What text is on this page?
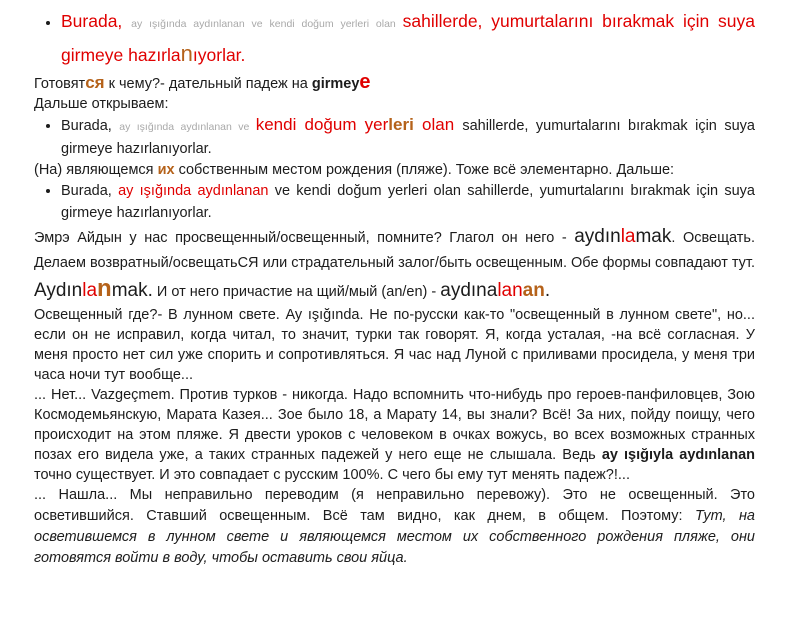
• Burada, ay ışığında aydınlanan ve kendi doğum yerleri olan sahillerde, yumurtalarını bırakmak için suya girmeye hazırlanıyorlar.

Готовятся к чему?- дательный падеж на girmeyе

Дальше открываем:

• Burada, ay ışığında aydınlanan ve kendi doğum yerleri olan sahillerde, yumurtalarını bırakmak için suya girmeye hazırlanıyorlar.

(На) являющемся их собственным местом рождения (пляже). Тоже всё элементарно. Дальше:

• Burada, ay ışığında aydınlanan ve kendi doğum yerleri olan sahillerde, yumurtalarını bırakmak için suya girmeye hazırlanıyorlar.

Эмрэ Айдын у нас просвещенный/освещенный, помните? Глагол он него - aydınlamak. Освещать. Делаем возвратный/освещатьСЯ или страдательный залог/быть освещенным. Обе формы совпадают тут. Aydınlanmak. И от него причастие на щий/мый (an/en) - aydınalanan.

Освещенный где?- В лунном свете. Ay ışığında. Не по-русски как-то "освещенный в лунном свете", но... если он не исправил, когда читал, то значит, турки так говорят. Я, когда усталая, -на всё согласная. У меня просто нет сил уже спорить и сопротивляться. Я час над Луной с приливами просидела, у меня три часа ночи тут вообще...

... Нет... Vazgeçmem. Против турков - никогда. Надо вспомнить что-нибудь про героев-панфиловцев, Зою Космодемьянскую, Марата Казея... Зое было 18, а Марату 14, вы знали? Всё! За них, пойду поищу, чего происходит на этом пляже. Я двести уроков с человеком в очках вожусь, во всех возможных странных позах его видела уже, а таких странных падежей у него еще не слышала. Ведь ay ışığıyla aydınlanan точно существует. И это совпадает с русским 100%. С чего бы ему тут менять падеж?!...

... Нашла... Мы неправильно переводим (я неправильно перевожу). Это не освещенный. Это осветившийся. Ставший освещенным. Всё там видно, как днем, в общем. Поэтому: Тут, на осветившемся в лунном свете и являющемся местом их собственного рождения пляже, они готовятся войти в воду, чтобы оставить свои яйца.
